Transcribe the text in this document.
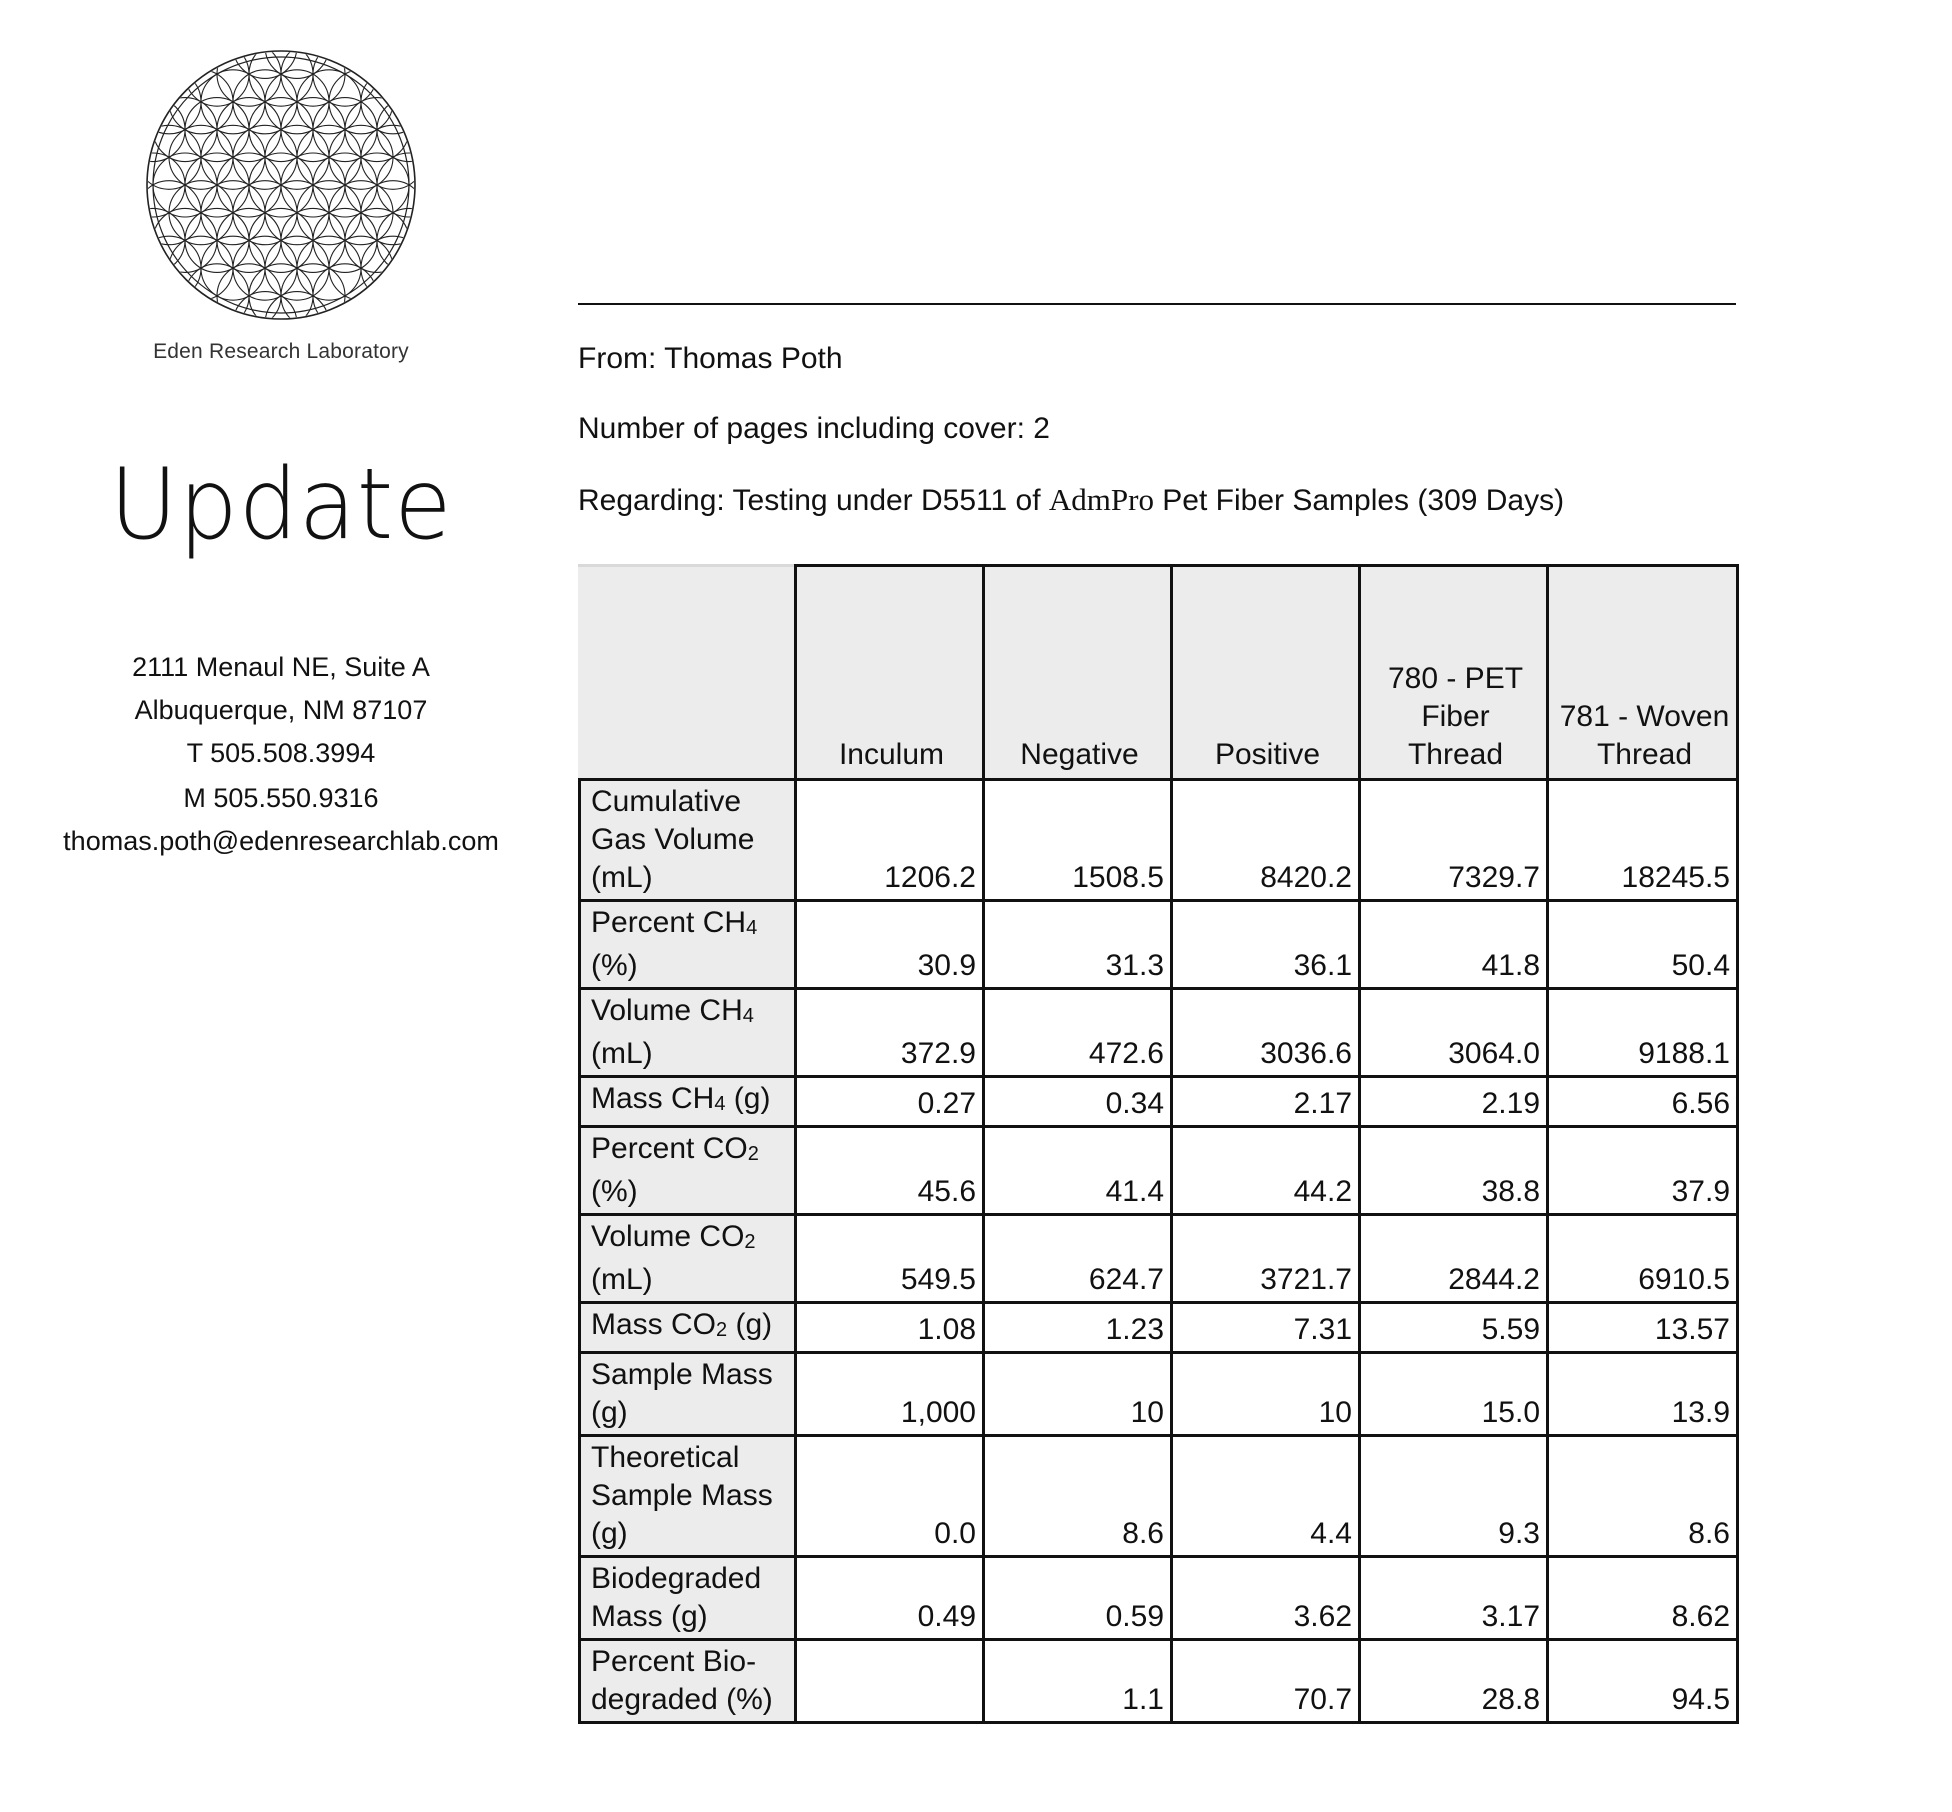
Eden Research Laboratory
Update
2111 Menaul NE, Suite A
Albuquerque, NM 87107
T 505.508.3994
M 505.550.9316
thomas.poth@edenresearchlab.com
From: Thomas Poth
Number of pages including cover: 2
Regarding: Testing under D5511 of AdmPro Pet Fiber Samples (309 Days)
	Inculum	Negative	Positive	780 - PET Fiber Thread	781 - Woven Thread
Cumulative Gas Volume (mL)	1206.2	1508.5	8420.2	7329.7	18245.5
Percent $CH_4$ (%)	30.9	31.3	36.1	41.8	50.4
Volume $CH_4$ (mL)	372.9	472.6	3036.6	3064.0	9188.1
Mass $CH_4$ (g)	0.27	0.34	2.17	2.19	6.56
Percent $CO_2$ (%)	45.6	41.4	44.2	38.8	37.9
Volume $CO_2$ (mL)	549.5	624.7	3721.7	2844.2	6910.5
Mass $CO_2$ (g)	1.08	1.23	7.31	5.59	13.57
Sample Mass (g)	1,000	10	10	15.0	13.9
Theoretical Sample Mass (g)	0.0	8.6	4.4	9.3	8.6
Biodegraded Mass (g)	0.49	0.59	3.62	3.17	8.62
Percent Bio-degraded (%)		1.1	70.7	28.8	94.5
